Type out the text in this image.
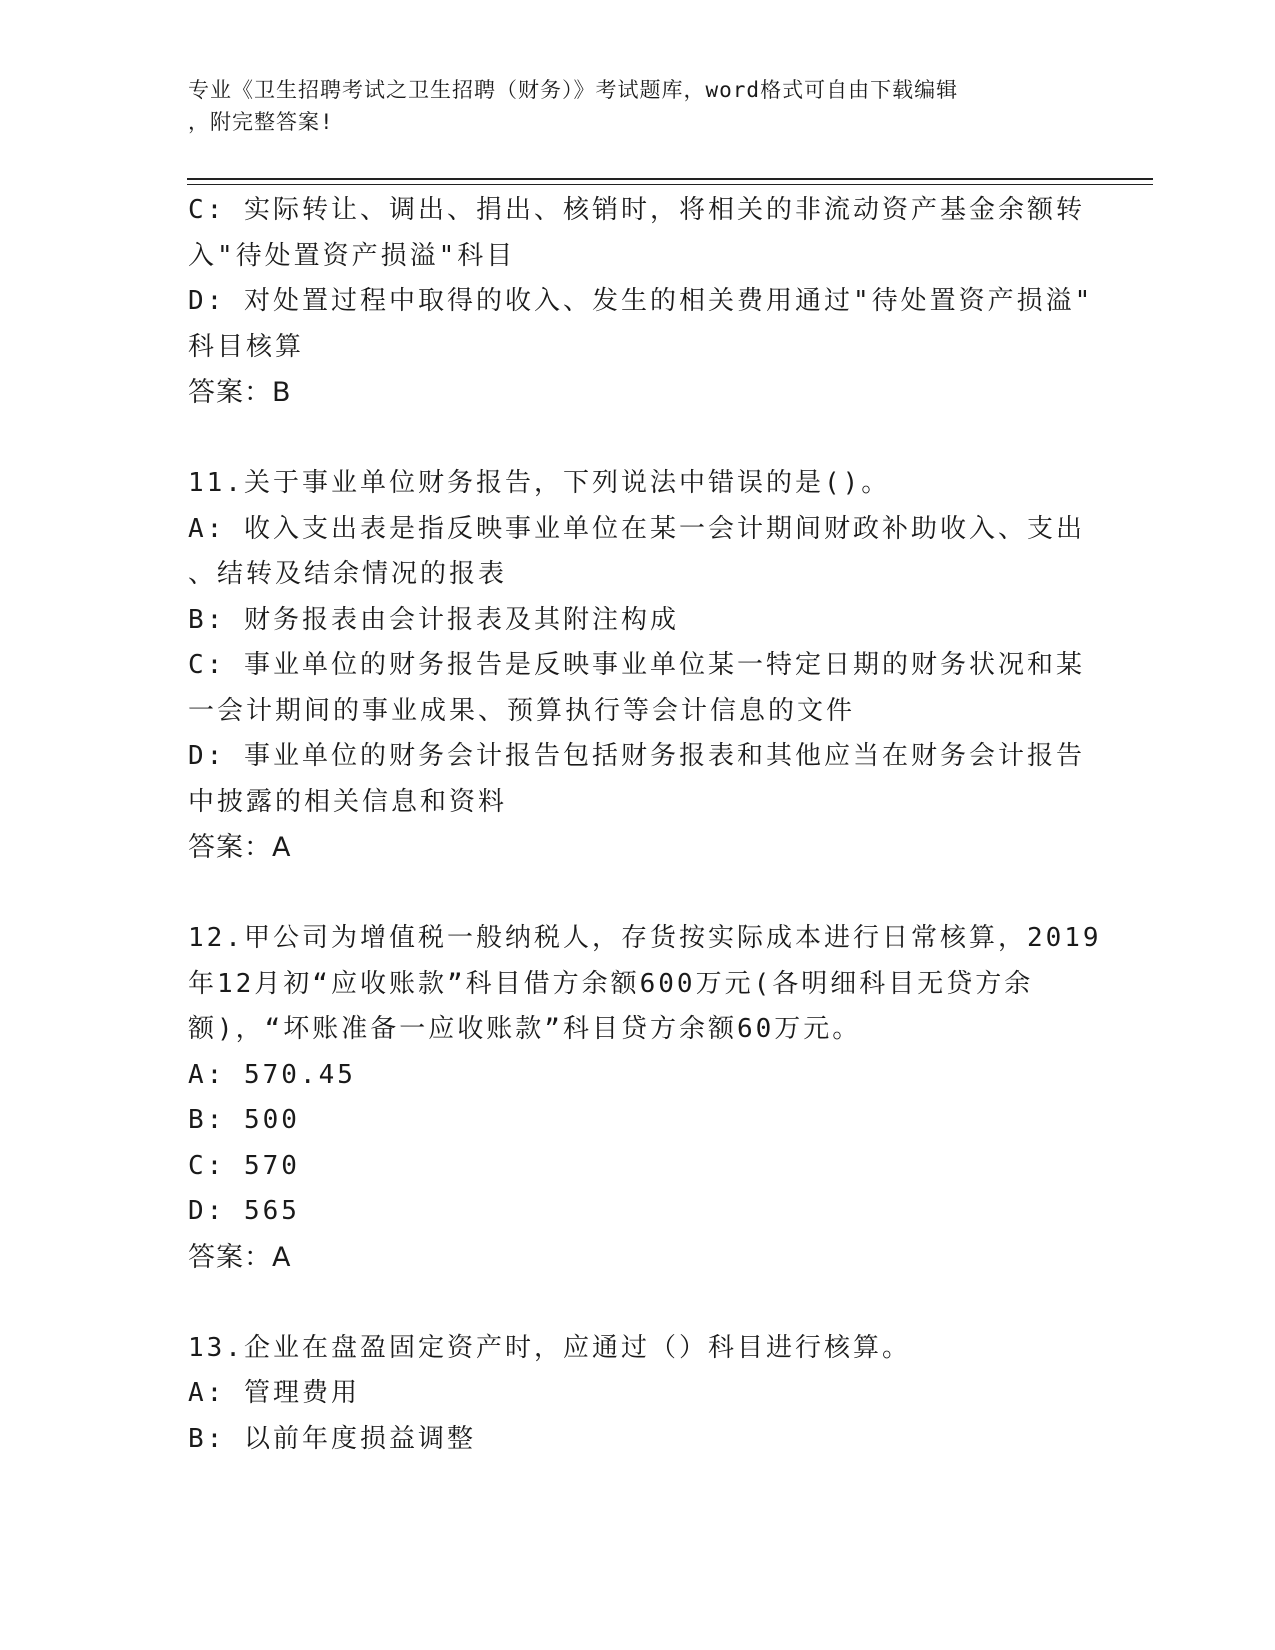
专业《卫生招聘考试之卫生招聘（财务）》考试题库，word格式可自由下载编辑
，附完整答案!
C: 实际转让、调出、捐出、核销时，将相关的非流动资产基金余额转
入"待处置资产损溢"科目
D: 对处置过程中取得的收入、发生的相关费用通过"待处置资产损溢"
科目核算
答案：B
11.关于事业单位财务报告，下列说法中错误的是()。
A: 收入支出表是指反映事业单位在某一会计期间财政补助收入、支出
、结转及结余情况的报表
B: 财务报表由会计报表及其附注构成
C: 事业单位的财务报告是反映事业单位某一特定日期的财务状况和某
一会计期间的事业成果、预算执行等会计信息的文件
D: 事业单位的财务会计报告包括财务报表和其他应当在财务会计报告
中披露的相关信息和资料
答案：A
12.甲公司为增值税一般纳税人，存货按实际成本进行日常核算，2019
年12月初“应收账款”科目借方余额600万元(各明细科目无贷方余
额)，“坏账准备一应收账款”科目贷方余额60万元。
A: 570.45
B: 500
C: 570
D: 565
答案：A
13.企业在盘盈固定资产时，应通过（）科目进行核算。
A: 管理费用
B: 以前年度损益调整
